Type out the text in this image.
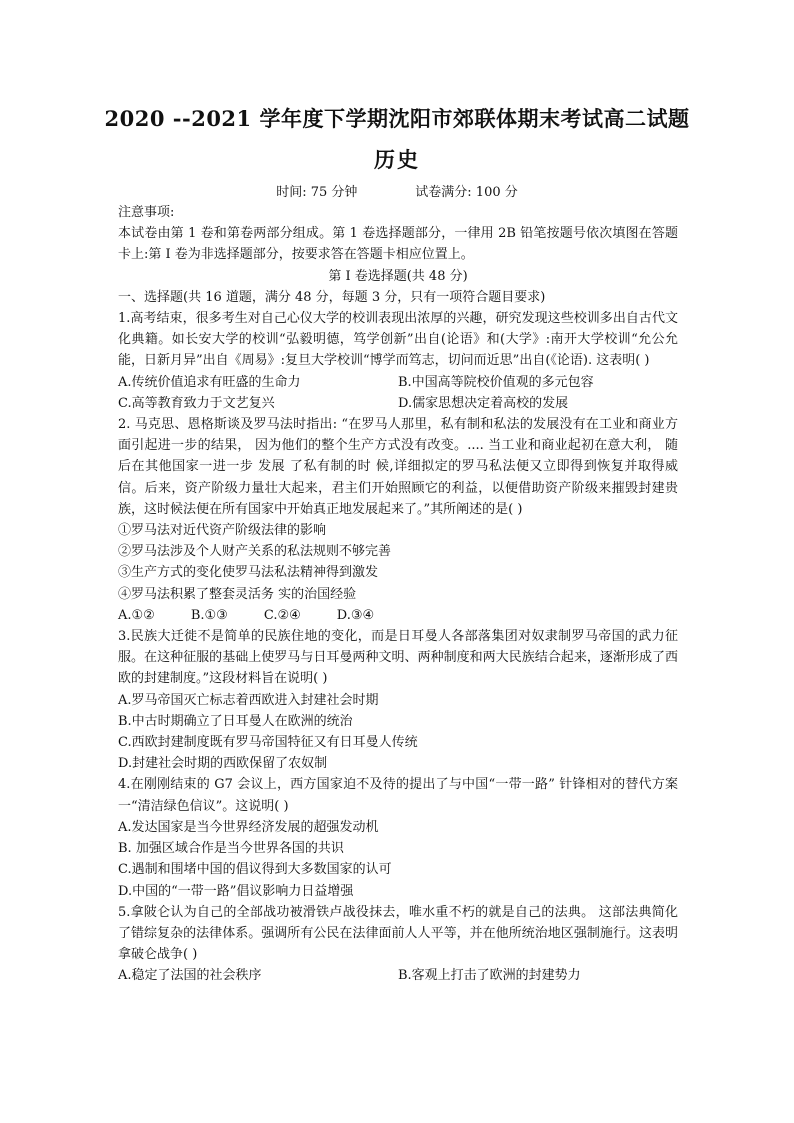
2020 --2021 学年度下学期沈阳市郊联体期末考试高二试题
历史
时间: 75 分钟	试卷满分: 100 分

注意事项:

本试卷由第 1 卷和第卷两部分组成。第 1 卷选择题部分，一律用 2B 铅笔按题号依次填图在答题卡上:第 I 卷为非选择题部分，按要求答在答题卡相应位置上。

第 I 卷选择题(共 48 分)

一、选择题(共 16 道题，满分 48 分，每题 3 分，只有一项符合题目要求)

1.高考结束，很多考生对自己心仪大学的校训表现出浓厚的兴趣，研究发现这些校训多出自古代文化典籍。如长安大学的校训“弘毅明德，笃学创新”出自(论语》和(大学》:南开大学校训“允公允能，日新月异”出自《周易》:复旦大学校训“博学而笃志，切问而近思”出自(《论语). 这表明( )

A.传统价值追求有旺盛的生命力	B.中国高等院校价值观的多元包容
C.高等教育致力于文艺复兴	D.儒家思想决定着高校的发展

2. 马克思、恩格斯谈及罗马法时指出: “在罗马人那里，私有制和私法的发展没有在工业和商业方面引起进一步的结果， 因为他们的整个生产方式没有改变。.... 当工业和商业起初在意大利， 随后在其他国家一进一步 发展 了私有制的时 候,详细拟定的罗马私法便又立即得到恢复并取得威信。后来，资产阶级力量壮大起来，君主们开始照顾它的利益，以便借助资产阶级来摧毁封建贵族，这时候法便在所有国家中开始真正地发展起来了。”其所阐述的是( )

①罗马法对近代资产阶级法律的影响

②罗马法涉及个人财产关系的私法规则不够完善

③生产方式的变化使罗马法私法精神得到激发

④罗马法积累了整套灵活务 实的治国经验

A.①②	B.①③	C.②④	D.③④

3.民族大迁徙不是简单的民族住地的变化，而是日耳曼人各部落集团对奴隶制罗马帝国的武力征服。在这种征服的基础上使罗马与日耳曼两种文明、两种制度和两大民族结合起来，逐渐形成了西欧的封建制度。”这段材料旨在说明( )

A.罗马帝国灭亡标志着西欧进入封建社会时期

B.中古时期确立了日耳曼人在欧洲的统治

C.西欧封建制度既有罗马帝国特征又有日耳曼人传统

D.封建社会时期的西欧保留了农奴制

4.在刚刚结束的 G7 会议上，西方国家迫不及待的提出了与中国“一带一路” 针锋相对的替代方案一“清洁绿色信议”。这说明( )

A.发达国家是当今世界经济发展的超强发动机

B. 加强区域合作是当今世界各国的共识

C.遇制和围堵中国的倡议得到大多数国家的认可

D.中国的“一带一路”倡议影响力日益增强

5.拿陂仑认为自己的全部战功被滑铁卢战役抹去，唯水重不朽的就是自己的法典。 这部法典简化了错综复杂的法律体系。强调所有公民在法律面前人人平等，并在他所统治地区强制施行。这表明拿破仑战争( )

A.稳定了法国的社会秩序	B.客观上打击了欧洲的封建势力
